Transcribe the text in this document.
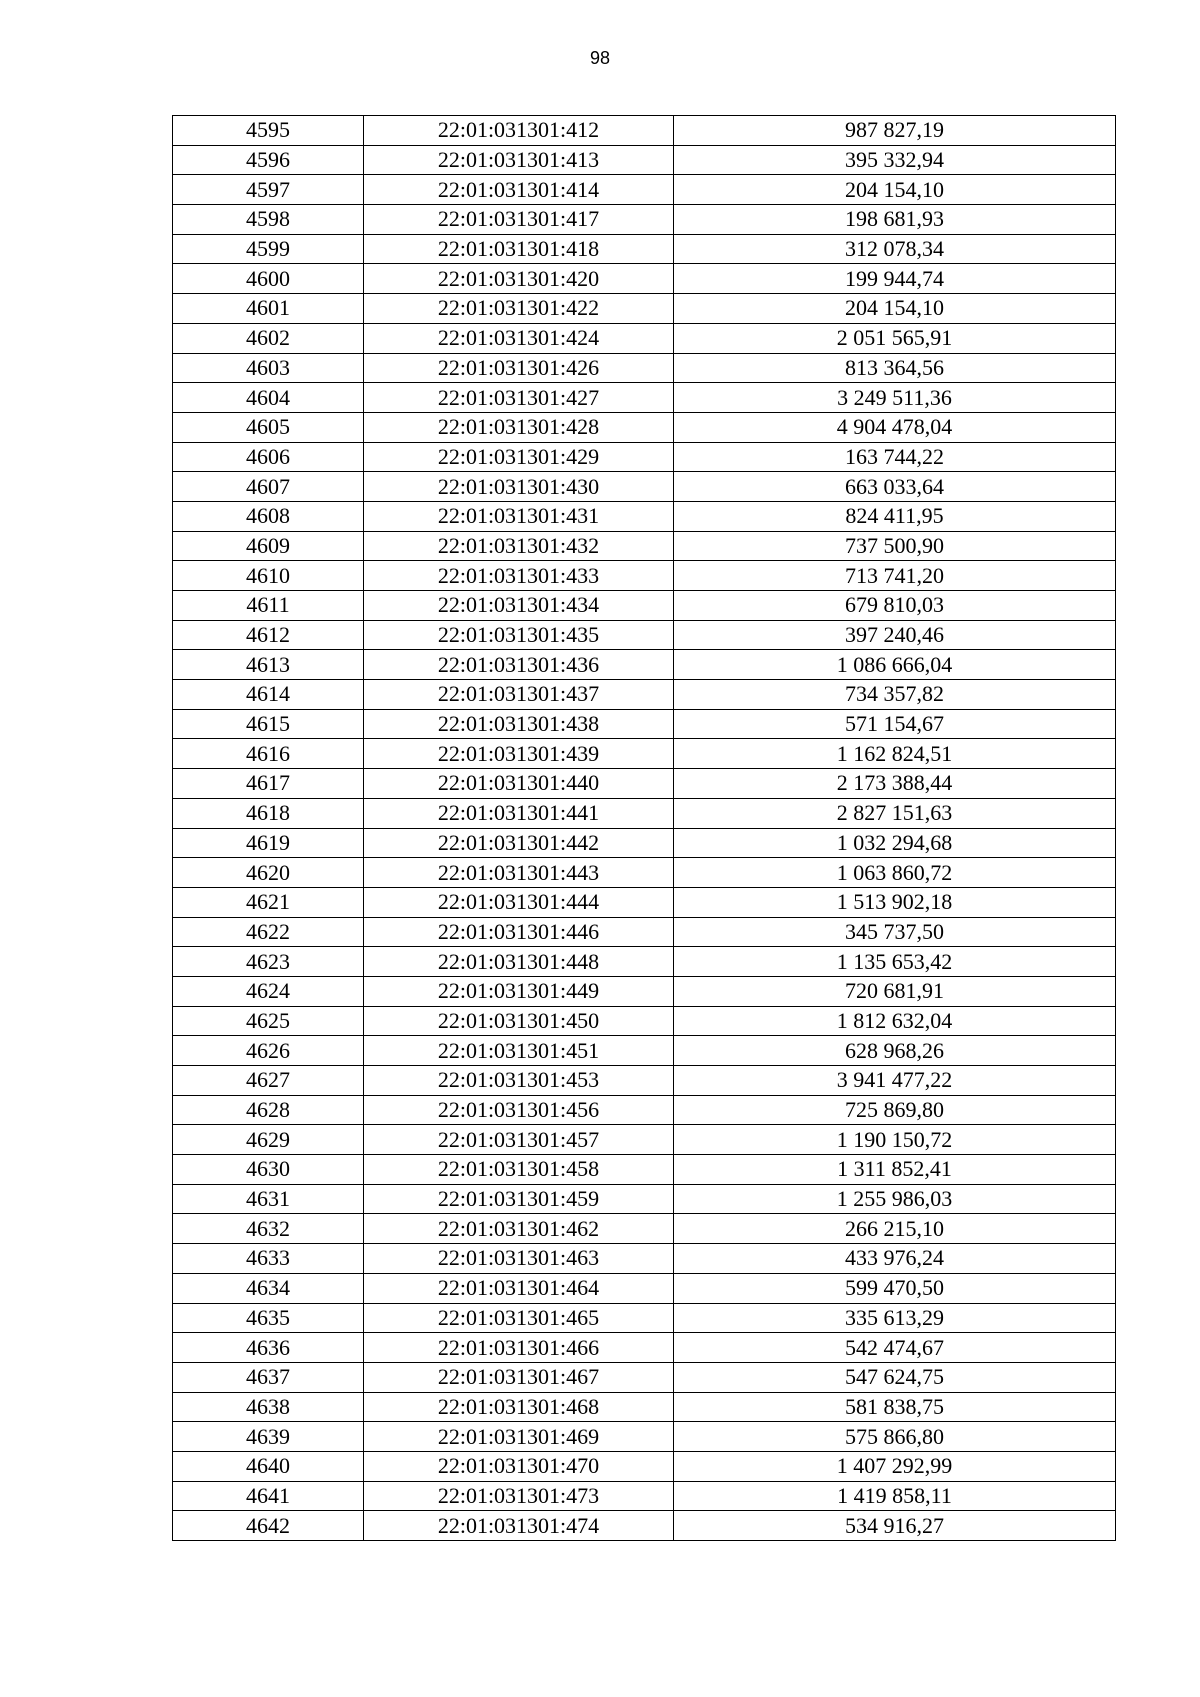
98
4595	22:01:031301:412	987 827,19
4596	22:01:031301:413	395 332,94
4597	22:01:031301:414	204 154,10
4598	22:01:031301:417	198 681,93
4599	22:01:031301:418	312 078,34
4600	22:01:031301:420	199 944,74
4601	22:01:031301:422	204 154,10
4602	22:01:031301:424	2 051 565,91
4603	22:01:031301:426	813 364,56
4604	22:01:031301:427	3 249 511,36
4605	22:01:031301:428	4 904 478,04
4606	22:01:031301:429	163 744,22
4607	22:01:031301:430	663 033,64
4608	22:01:031301:431	824 411,95
4609	22:01:031301:432	737 500,90
4610	22:01:031301:433	713 741,20
4611	22:01:031301:434	679 810,03
4612	22:01:031301:435	397 240,46
4613	22:01:031301:436	1 086 666,04
4614	22:01:031301:437	734 357,82
4615	22:01:031301:438	571 154,67
4616	22:01:031301:439	1 162 824,51
4617	22:01:031301:440	2 173 388,44
4618	22:01:031301:441	2 827 151,63
4619	22:01:031301:442	1 032 294,68
4620	22:01:031301:443	1 063 860,72
4621	22:01:031301:444	1 513 902,18
4622	22:01:031301:446	345 737,50
4623	22:01:031301:448	1 135 653,42
4624	22:01:031301:449	720 681,91
4625	22:01:031301:450	1 812 632,04
4626	22:01:031301:451	628 968,26
4627	22:01:031301:453	3 941 477,22
4628	22:01:031301:456	725 869,80
4629	22:01:031301:457	1 190 150,72
4630	22:01:031301:458	1 311 852,41
4631	22:01:031301:459	1 255 986,03
4632	22:01:031301:462	266 215,10
4633	22:01:031301:463	433 976,24
4634	22:01:031301:464	599 470,50
4635	22:01:031301:465	335 613,29
4636	22:01:031301:466	542 474,67
4637	22:01:031301:467	547 624,75
4638	22:01:031301:468	581 838,75
4639	22:01:031301:469	575 866,80
4640	22:01:031301:470	1 407 292,99
4641	22:01:031301:473	1 419 858,11
4642	22:01:031301:474	534 916,27
